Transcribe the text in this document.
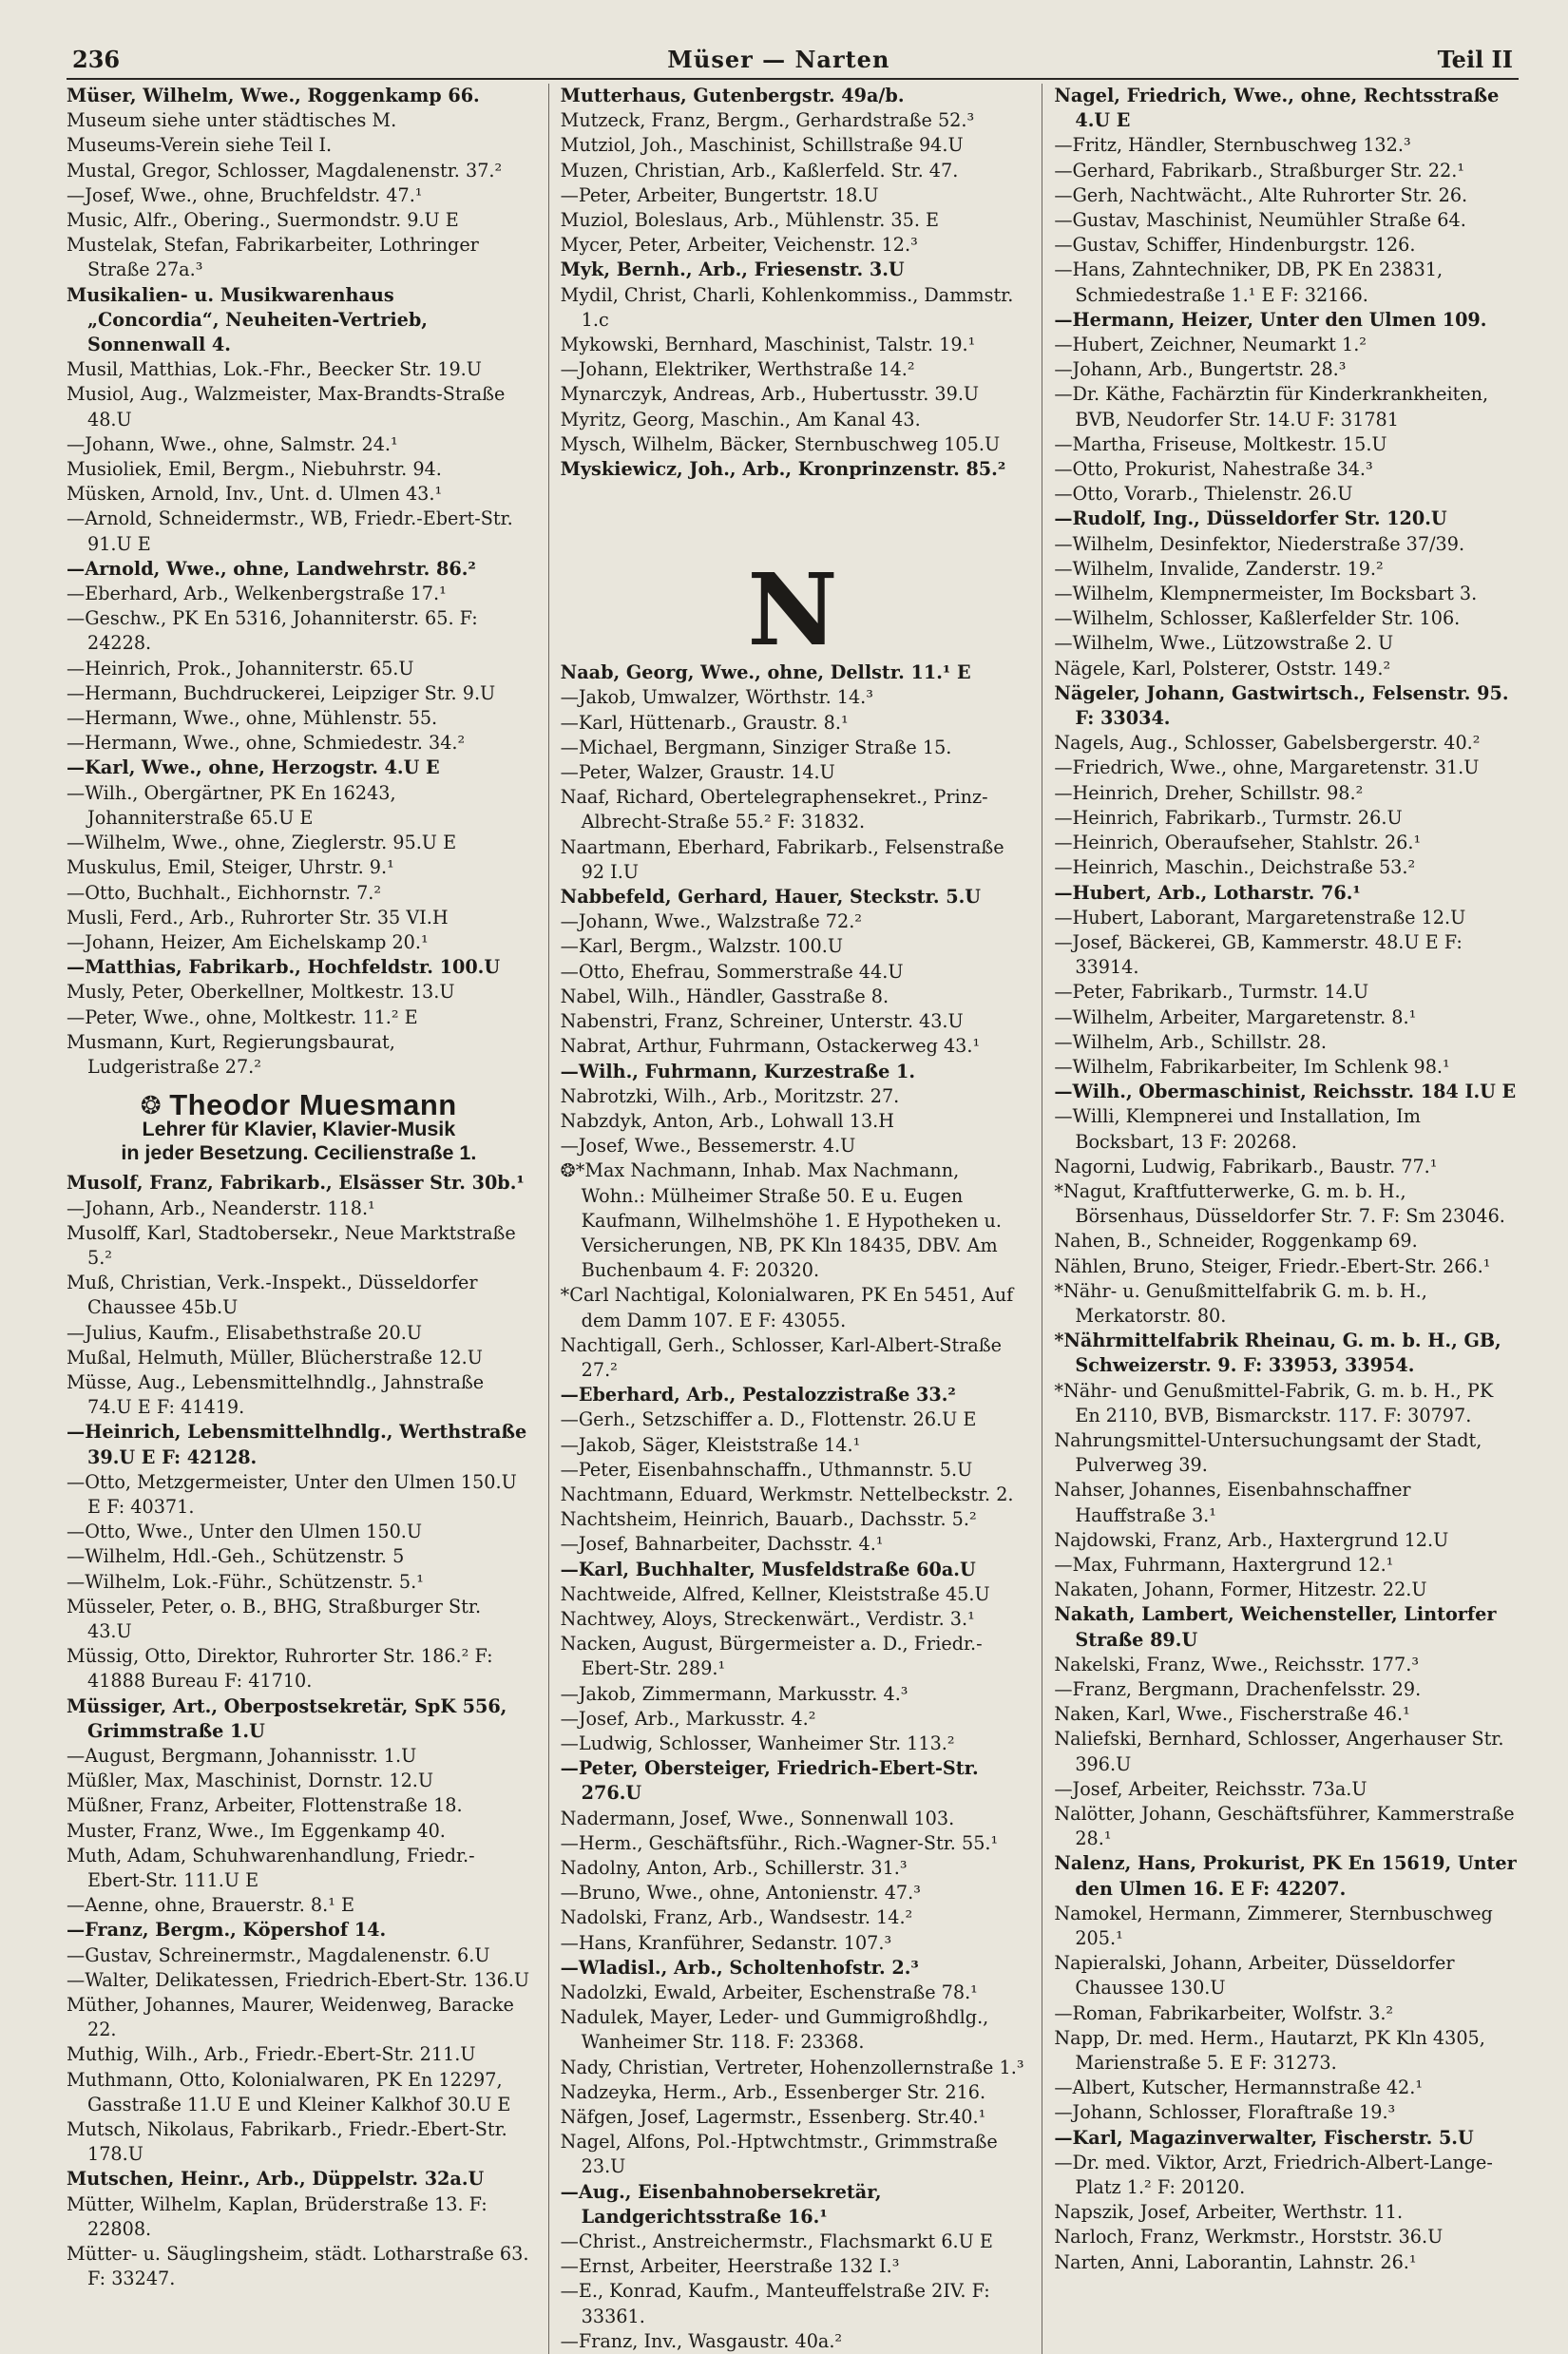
236	Müser — Narten	Teil II

Müser, Wilhelm, Wwe., Roggenkamp 66.

Museum siehe unter städtisches M.

Museums-Verein siehe Teil I.

Mustal, Gregor, Schlosser, Magdalenenstr. 37.²

—Josef, Wwe., ohne, Bruchfeldstr. 47.¹

Music, Alfr., Obering., Suermondstr. 9.U E

Mustelak, Stefan, Fabrikarbeiter, Lothringer Straße 27a.³

Musikalien- u. Musikwarenhaus „Concordia“, Neuheiten-Vertrieb, Sonnenwall 4.

Musil, Matthias, Lok.-Fhr., Beecker Str. 19.U

Musiol, Aug., Walzmeister, Max-Brandts-Straße 48.U

—Johann, Wwe., ohne, Salmstr. 24.¹

Musioliek, Emil, Bergm., Niebuhrstr. 94.

Müsken, Arnold, Inv., Unt. d. Ulmen 43.¹

—Arnold, Schneidermstr., WB, Friedr.-Ebert-Str. 91.U E

—Arnold, Wwe., ohne, Landwehrstr. 86.²

—Eberhard, Arb., Welkenbergstraße 17.¹

—Geschw., PK En 5316, Johanniterstr. 65. F: 24228.

—Heinrich, Prok., Johanniterstr. 65.U

—Hermann, Buchdruckerei, Leipziger Str. 9.U

—Hermann, Wwe., ohne, Mühlenstr. 55.

—Hermann, Wwe., ohne, Schmiedestr. 34.²

—Karl, Wwe., ohne, Herzogstr. 4.U E

—Wilh., Obergärtner, PK En 16243, Johanniterstraße 65.U E

—Wilhelm, Wwe., ohne, Zieglerstr. 95.U E

Muskulus, Emil, Steiger, Uhrstr. 9.¹

—Otto, Buchhalt., Eichhornstr. 7.²

Musli, Ferd., Arb., Ruhrorter Str. 35 VI.H

—Johann, Heizer, Am Eichelskamp 20.¹

—Matthias, Fabrikarb., Hochfeldstr. 100.U

Musly, Peter, Oberkellner, Moltkestr. 13.U

—Peter, Wwe., ohne, Moltkestr. 11.² E

Musmann, Kurt, Regierungsbaurat, Ludgeristraße 27.²

❂ Theodor Muesmann
Lehrer für Klavier, Klavier-Musik
in jeder Besetzung. Cecilienstraße 1.

Musolf, Franz, Fabrikarb., Elsässer Str. 30b.¹

—Johann, Arb., Neanderstr. 118.¹

Musolff, Karl, Stadtobersekr., Neue Marktstraße 5.²

Muß, Christian, Verk.-Inspekt., Düsseldorfer Chaussee 45b.U

—Julius, Kaufm., Elisabethstraße 20.U

Mußal, Helmuth, Müller, Blücherstraße 12.U

Müsse, Aug., Lebensmittelhndlg., Jahnstraße 74.U E F: 41419.

—Heinrich, Lebensmittelhndlg., Werthstraße 39.U E F: 42128.

—Otto, Metzgermeister, Unter den Ulmen 150.U E F: 40371.

—Otto, Wwe., Unter den Ulmen 150.U

—Wilhelm, Hdl.-Geh., Schützenstr. 5

—Wilhelm, Lok.-Führ., Schützenstr. 5.¹

Müsseler, Peter, o. B., BHG, Straßburger Str. 43.U

Müssig, Otto, Direktor, Ruhrorter Str. 186.² F: 41888 Bureau F: 41710.

Müssiger, Art., Oberpostsekretär, SpK 556, Grimmstraße 1.U

—August, Bergmann, Johannisstr. 1.U

Müßler, Max, Maschinist, Dornstr. 12.U

Müßner, Franz, Arbeiter, Flottenstraße 18.

Muster, Franz, Wwe., Im Eggenkamp 40.

Muth, Adam, Schuhwarenhandlung, Friedr.-Ebert-Str. 111.U E

—Aenne, ohne, Brauerstr. 8.¹ E

—Franz, Bergm., Köpershof 14.

—Gustav, Schreinermstr., Magdalenenstr. 6.U

—Walter, Delikatessen, Friedrich-Ebert-Str. 136.U

Müther, Johannes, Maurer, Weidenweg, Baracke 22.

Muthig, Wilh., Arb., Friedr.-Ebert-Str. 211.U

Muthmann, Otto, Kolonialwaren, PK En 12297, Gasstraße 11.U E und Kleiner Kalkhof 30.U E

Mutsch, Nikolaus, Fabrikarb., Friedr.-Ebert-Str. 178.U

Mutschen, Heinr., Arb., Düppelstr. 32a.U

Mütter, Wilhelm, Kaplan, Brüderstraße 13. F: 22808.

Mütter- u. Säuglingsheim, städt. Lotharstraße 63. F: 33247.

Mutterhaus, Gutenbergstr. 49a/b.

Mutzeck, Franz, Bergm., Gerhardstraße 52.³

Mutziol, Joh., Maschinist, Schillstraße 94.U

Muzen, Christian, Arb., Kaßlerfeld. Str. 47.

—Peter, Arbeiter, Bungertstr. 18.U

Muziol, Boleslaus, Arb., Mühlenstr. 35. E

Mycer, Peter, Arbeiter, Veichenstr. 12.³

Myk, Bernh., Arb., Friesenstr. 3.U

Mydil, Christ, Charli, Kohlenkommiss., Dammstr. 1.c

Mykowski, Bernhard, Maschinist, Talstr. 19.¹

—Johann, Elektriker, Werthstraße 14.²

Mynarczyk, Andreas, Arb., Hubertusstr. 39.U

Myritz, Georg, Maschin., Am Kanal 43.

Mysch, Wilhelm, Bäcker, Sternbuschweg 105.U

Myskiewicz, Joh., Arb., Kronprinzenstr. 85.²

N

Naab, Georg, Wwe., ohne, Dellstr. 11.¹ E

—Jakob, Umwalzer, Wörthstr. 14.³

—Karl, Hüttenarb., Graustr. 8.¹

—Michael, Bergmann, Sinziger Straße 15.

—Peter, Walzer, Graustr. 14.U

Naaf, Richard, Obertelegraphensekret., Prinz-Albrecht-Straße 55.² F: 31832.

Naartmann, Eberhard, Fabrikarb., Felsenstraße 92 I.U

Nabbefeld, Gerhard, Hauer, Steckstr. 5.U

—Johann, Wwe., Walzstraße 72.²

—Karl, Bergm., Walzstr. 100.U

—Otto, Ehefrau, Sommerstraße 44.U

Nabel, Wilh., Händler, Gasstraße 8.

Nabenstri, Franz, Schreiner, Unterstr. 43.U

Nabrat, Arthur, Fuhrmann, Ostackerweg 43.¹

—Wilh., Fuhrmann, Kurzestraße 1.

Nabrotzki, Wilh., Arb., Moritzstr. 27.

Nabzdyk, Anton, Arb., Lohwall 13.H

—Josef, Wwe., Bessemerstr. 4.U

❂*Max Nachmann, Inhab. Max Nachmann, Wohn.: Mülheimer Straße 50. E u. Eugen Kaufmann, Wilhelmshöhe 1. E Hypotheken u. Versicherungen, NB, PK Kln 18435, DBV. Am Buchenbaum 4. F: 20320.

*Carl Nachtigal, Kolonialwaren, PK En 5451, Auf dem Damm 107. E F: 43055.

Nachtigall, Gerh., Schlosser, Karl-Albert-Straße 27.²

—Eberhard, Arb., Pestalozzistraße 33.²

—Gerh., Setzschiffer a. D., Flottenstr. 26.U E

—Jakob, Säger, Kleiststraße 14.¹

—Peter, Eisenbahnschaffn., Uthmannstr. 5.U

Nachtmann, Eduard, Werkmstr. Nettelbeckstr. 2.

Nachtsheim, Heinrich, Bauarb., Dachsstr. 5.²

—Josef, Bahnarbeiter, Dachsstr. 4.¹

—Karl, Buchhalter, Musfeldstraße 60a.U

Nachtweide, Alfred, Kellner, Kleiststraße 45.U

Nachtwey, Aloys, Streckenwärt., Verdistr. 3.¹

Nacken, August, Bürgermeister a. D., Friedr.-Ebert-Str. 289.¹

—Jakob, Zimmermann, Markusstr. 4.³

—Josef, Arb., Markusstr. 4.²

—Ludwig, Schlosser, Wanheimer Str. 113.²

—Peter, Obersteiger, Friedrich-Ebert-Str. 276.U

Nadermann, Josef, Wwe., Sonnenwall 103.

—Herm., Geschäftsführ., Rich.-Wagner-Str. 55.¹

Nadolny, Anton, Arb., Schillerstr. 31.³

—Bruno, Wwe., ohne, Antonienstr. 47.³

Nadolski, Franz, Arb., Wandsestr. 14.²

—Hans, Kranführer, Sedanstr. 107.³

—Wladisl., Arb., Scholtenhofstr. 2.³

Nadolzki, Ewald, Arbeiter, Eschenstraße 78.¹

Nadulek, Mayer, Leder- und Gummigroßhdlg., Wanheimer Str. 118. F: 23368.

Nady, Christian, Vertreter, Hohenzollernstraße 1.³

Nadzeyka, Herm., Arb., Essenberger Str. 216.

Näfgen, Josef, Lagermstr., Essenberg. Str.40.¹

Nagel, Alfons, Pol.-Hptwchtmstr., Grimmstraße 23.U

—Aug., Eisenbahnobersekretär, Landgerichtsstraße 16.¹

—Christ., Anstreichermstr., Flachsmarkt 6.U E

—Ernst, Arbeiter, Heerstraße 132 I.³

—E., Konrad, Kaufm., Manteuffelstraße 2IV. F: 33361.

—Franz, Inv., Wasgaustr. 40a.²

Nagel, Friedrich, Wwe., ohne, Rechtsstraße 4.U E

—Fritz, Händler, Sternbuschweg 132.³

—Gerhard, Fabrikarb., Straßburger Str. 22.¹

—Gerh, Nachtwächt., Alte Ruhrorter Str. 26.

—Gustav, Maschinist, Neumühler Straße 64.

—Gustav, Schiffer, Hindenburgstr. 126.

—Hans, Zahntechniker, DB, PK En 23831, Schmiedestraße 1.¹ E F: 32166.

—Hermann, Heizer, Unter den Ulmen 109.

—Hubert, Zeichner, Neumarkt 1.²

—Johann, Arb., Bungertstr. 28.³

—Dr. Käthe, Fachärztin für Kinderkrankheiten, BVB, Neudorfer Str. 14.U F: 31781

—Martha, Friseuse, Moltkestr. 15.U

—Otto, Prokurist, Nahestraße 34.³

—Otto, Vorarb., Thielenstr. 26.U

—Rudolf, Ing., Düsseldorfer Str. 120.U

—Wilhelm, Desinfektor, Niederstraße 37/39.

—Wilhelm, Invalide, Zanderstr. 19.²

—Wilhelm, Klempnermeister, Im Bocksbart 3.

—Wilhelm, Schlosser, Kaßlerfelder Str. 106.

—Wilhelm, Wwe., Lützowstraße 2. U

Nägele, Karl, Polsterer, Oststr. 149.²

Nägeler, Johann, Gastwirtsch., Felsenstr. 95. F: 33034.

Nagels, Aug., Schlosser, Gabelsbergerstr. 40.²

—Friedrich, Wwe., ohne, Margaretenstr. 31.U

—Heinrich, Dreher, Schillstr. 98.²

—Heinrich, Fabrikarb., Turmstr. 26.U

—Heinrich, Oberaufseher, Stahlstr. 26.¹

—Heinrich, Maschin., Deichstraße 53.²

—Hubert, Arb., Lotharstr. 76.¹

—Hubert, Laborant, Margaretenstraße 12.U

—Josef, Bäckerei, GB, Kammerstr. 48.U E F: 33914.

—Peter, Fabrikarb., Turmstr. 14.U

—Wilhelm, Arbeiter, Margaretenstr. 8.¹

—Wilhelm, Arb., Schillstr. 28.

—Wilhelm, Fabrikarbeiter, Im Schlenk 98.¹

—Wilh., Obermaschinist, Reichsstr. 184 I.U E

—Willi, Klempnerei und Installation, Im Bocksbart, 13 F: 20268.

Nagorni, Ludwig, Fabrikarb., Baustr. 77.¹

*Nagut, Kraftfutterwerke, G. m. b. H., Börsenhaus, Düsseldorfer Str. 7. F: Sm 23046.

Nahen, B., Schneider, Roggenkamp 69.

Nählen, Bruno, Steiger, Friedr.-Ebert-Str. 266.¹

*Nähr- u. Genußmittelfabrik G. m. b. H., Merkatorstr. 80.

*Nährmittelfabrik Rheinau, G. m. b. H., GB, Schweizerstr. 9. F: 33953, 33954.

*Nähr- und Genußmittel-Fabrik, G. m. b. H., PK En 2110, BVB, Bismarckstr. 117. F: 30797.

Nahrungsmittel-Untersuchungsamt der Stadt, Pulverweg 39.

Nahser, Johannes, Eisenbahnschaffner Hauffstraße 3.¹

Najdowski, Franz, Arb., Haxtergrund 12.U

—Max, Fuhrmann, Haxtergrund 12.¹

Nakaten, Johann, Former, Hitzestr. 22.U

Nakath, Lambert, Weichensteller, Lintorfer Straße 89.U

Nakelski, Franz, Wwe., Reichsstr. 177.³

—Franz, Bergmann, Drachenfelsstr. 29.

Naken, Karl, Wwe., Fischerstraße 46.¹

Naliefski, Bernhard, Schlosser, Angerhauser Str. 396.U

—Josef, Arbeiter, Reichsstr. 73a.U

Nalötter, Johann, Geschäftsführer, Kammerstraße 28.¹

Nalenz, Hans, Prokurist, PK En 15619, Unter den Ulmen 16. E F: 42207.

Namokel, Hermann, Zimmerer, Sternbuschweg 205.¹

Napieralski, Johann, Arbeiter, Düsseldorfer Chaussee 130.U

—Roman, Fabrikarbeiter, Wolfstr. 3.²

Napp, Dr. med. Herm., Hautarzt, PK Kln 4305, Marienstraße 5. E F: 31273.

—Albert, Kutscher, Hermannstraße 42.¹

—Johann, Schlosser, Floraftraße 19.³

—Karl, Magazinverwalter, Fischerstr. 5.U

—Dr. med. Viktor, Arzt, Friedrich-Albert-Lange-Platz 1.² F: 20120.

Napszik, Josef, Arbeiter, Werthstr. 11.

Narloch, Franz, Werkmstr., Horststr. 36.U

Narten, Anni, Laborantin, Lahnstr. 26.¹
